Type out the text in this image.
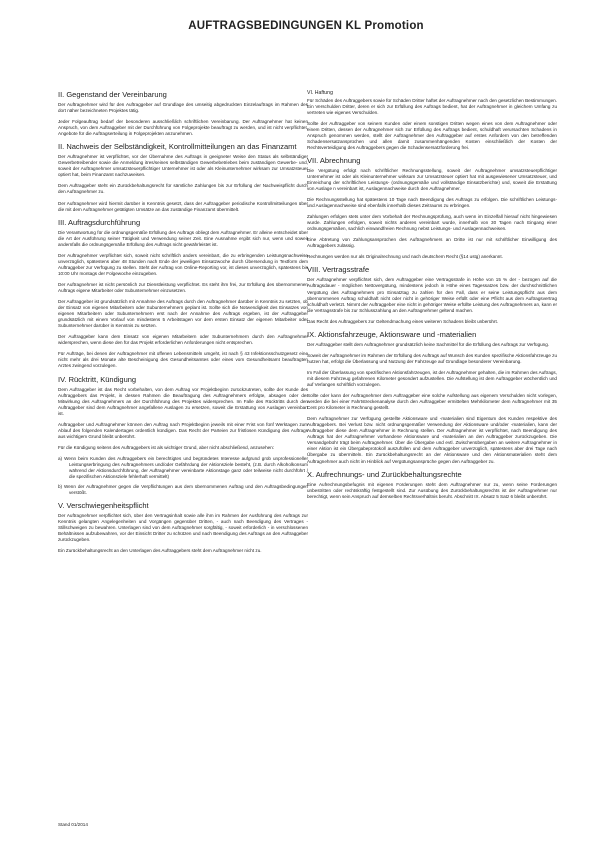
AUFTRAGSBEDINGUNGEN KL Promotion
II. Gegenstand der Vereinbarung

Der Auftragnehmer wird für den Auftraggeber auf Grundlage des umseitig abgedruckten Einzelauftrags im Rahmen des dort näher bezeichneten Projektes tätig.

Jeder Folgeauftrag bedarf der besonderen ausschließlich schriftlichen Vereinbarung. Der Auftragnehmer hat keinen Anspruch, von dem Auftraggeber mit der Durchführung von Folgeprojekte beauftragt zu werden, und ist nicht verpflichtet, Angebote für die Auftragserteilung in Folgeprojekten anzunehmen.

II. Nachweis der Selbständigkeit, Kontrollmitteilungen an das Finanzamt

Der Auftragnehmer ist verpflichtet, vor der Übernahme des Auftrags in geeigneter Weise den Status als selbständiger Gewerbetreibender sowie die Anmeldung itres/seines selbständigen Gewerbebetriebes beim zuständigen Gewerbe- und, soweit der Auftragnehmer umsatzsteuerpflichtiger Unternehmer ist oder als Kleinunternehmer wirksam zur Umsatzsteuer optiert hat, beim Finanzamt nachzuweisen.

Dem Auftraggeber steht ein Zurückbehaltungsrecht für sämtliche Zahlungen bis zur Erfüllung der Nachweispflicht durch den Auftragnehmer zu.

Der Auftragnehmer wird hiermit darüber in Kenntnis gesetzt, dass der Auftraggeber periodische Kontrollmitteilungen über die mit dem Auftragnehmer getätigten Umsätze an das zuständige Finanzamt übermittelt.

III. Auftragsdurchführung

Die Verantwortung für die ordnungsgemäße Erfüllung des Auftrags obliegt dem Auftragnehmer. Er alleine entscheidet über die Art der Ausführung seiner Tätigkeit und Verwendung seiner Zeit. Eine Ausnahme ergibt sich nur, wenn und soweit andernfalls die ordnungsgemäße Erfüllung des Auftrags nicht gewährleistet ist.

Der Auftragnehmer verpflichtet sich, soweit nicht schriftlich anders vereinbart, die zu erbringenden Leistungsnachweise unverzüglich, spätestens aber 48 Stunden nach Ende der jeweiligen Einsatzwoche durch Übersendung in Textform dem Auftraggeber zur Verfügung zu stellen. Steht der Auftrag von Online-Reporting vor, ist dieses unverzüglich, spätestens bis 10:00 Uhr montags der Folgewoche einzugeben.

Der Auftragnehmer ist nicht persönlich zur Dienstleistung verpflichtet. Es steht ihm frei, zur Erfüllung des übernommenen Auftrags eigene Mitarbeiter oder Subunternehmer einzusetzen.

Der Auftraggeber ist grundsätzlich mit Annahme des Auftrags durch den Auftragnehmer darüber in Kenntnis zu setzten, ob der Einsatz von eigenen Mitarbeitern oder Subunternehmern geplant ist. Sollte sich die Notwendigkeit des Einsatzes von eigenen Mitarbeitern oder Subunternehmern erst nach der Annahme des Auftrags ergeben, ist der Auftraggeber grundsätzlich mit einem Vorlauf von mindestens 5 Arbeitstagen vor dem ersten Einsatz der eigenen Mitarbeiter oder Subunternehmer darüber in Kenntnis zu setzten.

Der Auftraggeber kann dem Einsatz von eigenen Mitarbeitern oder Subunternehmern durch den Auftragnehmer widersprechen, wenn diese den für das Projekt erforderlichen Anforderungen nicht entsprechen.

Für Aufträge, bei denen der Auftragnehmer mit offenen Lebensmitteln umgeht, ist nach § 43 Infektionsschutzgesetz eine nicht mehr als drei Monate alte Bescheinigung des Gesundheitsamtes oder eines vom Gesundheitsamt beauftragten Arztes zwingend vorzulegen.

IV. Rücktritt, Kündigung

Dem Auftraggeber ist das Recht vorbehalten, von dem Auftrag vor Projektbeginn zurückzutreten, sollte der Kunde des Auftraggebers das Projekt, in dessen Rahmen die Beauftragung des Auftragnehmers erfolgte, absagen oder der Mitwirkung des Auftragnehmers an der Durchführung des Projektes widersprechen. Im Falle des Rücktritts durch den Auftraggeber sind dem Auftragnehmer angefallene Auslagen zu ersetzen, soweit die Erstattung von Auslagen vereinbart ist.

Auftraggeber und Auftragnehmer können den Auftrag nach Projektbeginn jeweils mit einer Frist von fünf Werktagen zum Ablauf des folgenden Kalendertages ordentlich kündigen. Das Recht der Parteien zur fristlosen Kündigung des Auftrags aus wichtigem Grund bleibt unberührt.

Für die Kündigung seitens des Auftraggebers ist als wichtiger Grund, aber nicht abschließend, anzusehen:

a) Wenn beim Kunden des Auftraggebers ein berechtigtes und begründetes Interesse aufgrund grob unprofessioneller Leistungserbringung des Auftragnehmers und/oder Gefährdung der Aktionsziele besteht, (z.B. durch Alkoholkonsum während der Aktionsdurchführung, der Auftragnehmer vereinbarte Aktionstage ganz oder teilweise nicht durchführt / die spezifischen Aktionsziele fehlerhaft vermittelt)
b) Wenn der Auftragnehmer gegen die Verpflichtungen aus dem übernommenen Auftrag und den Auftragsbedingungen verstößt.
V. Verschwiegenheitspflicht

Der Auftragnehmer verpflichtet sich, über den Vertragsinhalt sowie alle ihm im Rahmen der Ausführung des Auftrags zur Kenntnis gelangten Angelegenheiten und Vorgängen gegenüber Dritten, - auch nach Beendigung des Vertrages - Stillschweigen zu bewahren. Unterlagen sind von dem Auftragnehmer sorgfältig, - soweit erforderlich - in verschlossenen Behältnissen aufzubewahren, vor der Einsicht Dritter zu schützen und nach Beendigung des Auftrags an den Auftraggeber zurückzugeben.

Ein Zurückbehaltungsrecht an den Unterlagen des Auftraggebers steht dem Auftragnehmer nicht zu.

VI. Haftung

Für Schäden des Auftraggebers sowie für Schäden Dritter haftet der Auftragnehmer nach den gesetzlichen Bestimmungen. Ein Verschulden Dritter, deren er sich zur Erfüllung des Auftrags bedient, hat der Auftragnehmer in gleichem Umfang zu vertreten wie eigenes Verschulden.

Sollte der Auftraggeber von seinem Kunden oder einem sonstigen Dritten wegen eines von dem Auftragnehmer oder einem Dritten, dessen der Auftragnehmer sich zur Erfüllung des Auftrags bedient, schuldhaft verursachten Schadens in Anspruch genommen werden, stellt der Auftragnehmer den Auftraggeber auf erstes Anfordern von den betreffenden Schadensersatzansprüchen und allen damit zusammenhängenden Kosten einschließlich der Kosten der Rechtsverteidigung des Auftraggebers gegen die Schadensersatzforderung frei.

VII. Abrechnung

Die Vergütung erfolgt nach schriftlicher Rechnungsstellung, soweit der Auftragnehmer umsatzsteuerpflichtiger Unternehmer ist oder als Kleinunternehmer wirksam zur Umsatzsteuer optiert hat mit ausgewiesener Umsatzsteuer, und Einreichung der schriftlichen Leistungs- (ordnungsgemäße und vollständige Einsatzberichte) und, soweit die Erstattung von Auslage n vereinbart ist, Auslagennachweise durch den Auftragnehmer.

Die Rechnungsstellung hat spätestens 10 Tage nach Beendigung des Auftrags zu erfolgen. Die schriftlichen Leistungs- und Auslagennachweise sind ebenfalls innerhalb dieses Zeitraums zu erbringen.

Zahlungen erfolgen stets unter dem Vorbehalt der Rechnungsprüfung, auch wenn im Einzelfall hierauf nicht hingewiesen wurde. Zahlungen erfolgen, soweit nichts anderes vereinbart wurde, innerhalb von 30 Tagen nach Eingang einer ordnungsgemäßen, sachlich einwandfreien Rechnung nebst Leistungs- und Auslagennachweisen.

Eine Abtretung von Zahlungsansprüchen des Auftragnehmers an Dritte ist nur mit schriftlicher Einwilligung des Auftraggebers zulässig.

Rechnungen werden nur als Originalrechnung und nach deutschem Recht (§14 ustg) anerkannt.

VIII. Vertragsstrafe

Der Auftragnehmer verpflichtet sich, dem Auftraggeber eine Vertragsstrafe in Höhe von 15 % der - bezogen auf die Auftragsdauer - möglichen Nettovergütung, mindestens jedoch in Höhe eines Tagessatzes bzw. der durchschnittlichen Vergütung des Auftragnehmers pro Einsatztag zu zahlen für den Fall, dass er seine Leistungspflicht aus dem übernommenen Auftrag schuldhaft nicht oder nicht in gehöriger Weise erfüllt oder eine Pflicht aus dem Auftragsvertrag schuldhaft verletzt. Nimmt der Auftraggeber eine nicht in gehöriger Weise erfüllte Leistung des Auftragnehmers an, kann er die Vertragsstrafe bis zur Schlusszahlung an den Auftragnehmer geltend machen.

Das Recht des Auftraggebers zur Geltendmachung eines weiteren Schadens bleibt unberührt.

IX. Aktionsfahrzeuge, Aktionsware und -materialien

Der Auftraggeber stellt dem Auftragnehmer grundsätzlich keine Sachmittel für die Erfüllung des Auftrags zur Verfügung.

Soweit der Auftragnehmer im Rahmen der Erfüllung des Auftrags auf Wunsch des Kunden spezifische Aktionsfahrzeuge zu nutzen hat, erfolgt die Überlassung und Nutzung der Fahrzeuge auf Grundlage besonderer Vereinbarung.

Im Fall der Überlassung von spezifischen Aktionsfahrzeugen, ist der Auftragnehmer gehalten, die im Rahmen des Auftrags, mit diesem Fahrzeug gefahrenen Kilometer gesondert aufzustellen. Die Aufstellung ist dem Auftraggeber wöchentlich und auf Verlangen schriftlich vorzulegen.

Sollte oder kann der Auftragnehmer dem Auftraggeber eine solche Aufstellung aus eigenem Verschulden nicht vorlegen, werden die bei einer Fahrtstreckenanalyse durch den Auftraggeber ermittelten Mehrkilometer dem Auftragnehmer mit 35 Cent pro Kilometer in Rechnung gestellt.

Dem Auftragnehmer zur Verfügung gestellte Aktionsware und -materialien sind Eigentum des Kunden respektive des Auftraggebers. Bei Verlust bzw. nicht ordnungsgemäßer Verwendung der Aktionsware und/oder -materialien, kann der Auftraggeber diese dem Auftragnehmer in Rechnung stellen. Der Auftragnehmer ist verpflichtet, nach Beendigung des Auftrags hat der Auftragnehmer vorhandene Aktionsware und -materialien an den Auftraggeber zurückzugeben. Die Versandgebühr trägt beim Auftragnehmer. Über die Übergabe und evtl. Zwischenübergaben an weitere Auftragnehmer in einer Aktion ist ein Übergabeprotokoll auszufüllen und dem Auftraggeber unverzüglich, spätestens aber drei Tage nach Übergabe zu übermitteln. Ein Zurückbehaltungsrecht an der Aktionsware und den Aktionsmaterialien steht dem Auftragnehmer auch nicht im Hinblick auf Vergütungsansprüche gegen den Auftraggeber zu.

X. Aufrechnungs- und Zurückbehaltungsrechte

Eine Aufrechnungsbefugnis mit eigenen Forderungen steht dem Auftragnehmer nur zu, wenn seine Forderungen unbestritten oder rechtskräftig festgestellt sind. Zur Ausübung des Zurückbehaltungsrechts ist der Auftragnehmer nur berechtigt, wenn sein Anspruch auf demselben Rechtsverhältnis beruht. Abschnitt IX. Absatz 5 Satz 6 bleibt unberührt.

Stand 01/2014
